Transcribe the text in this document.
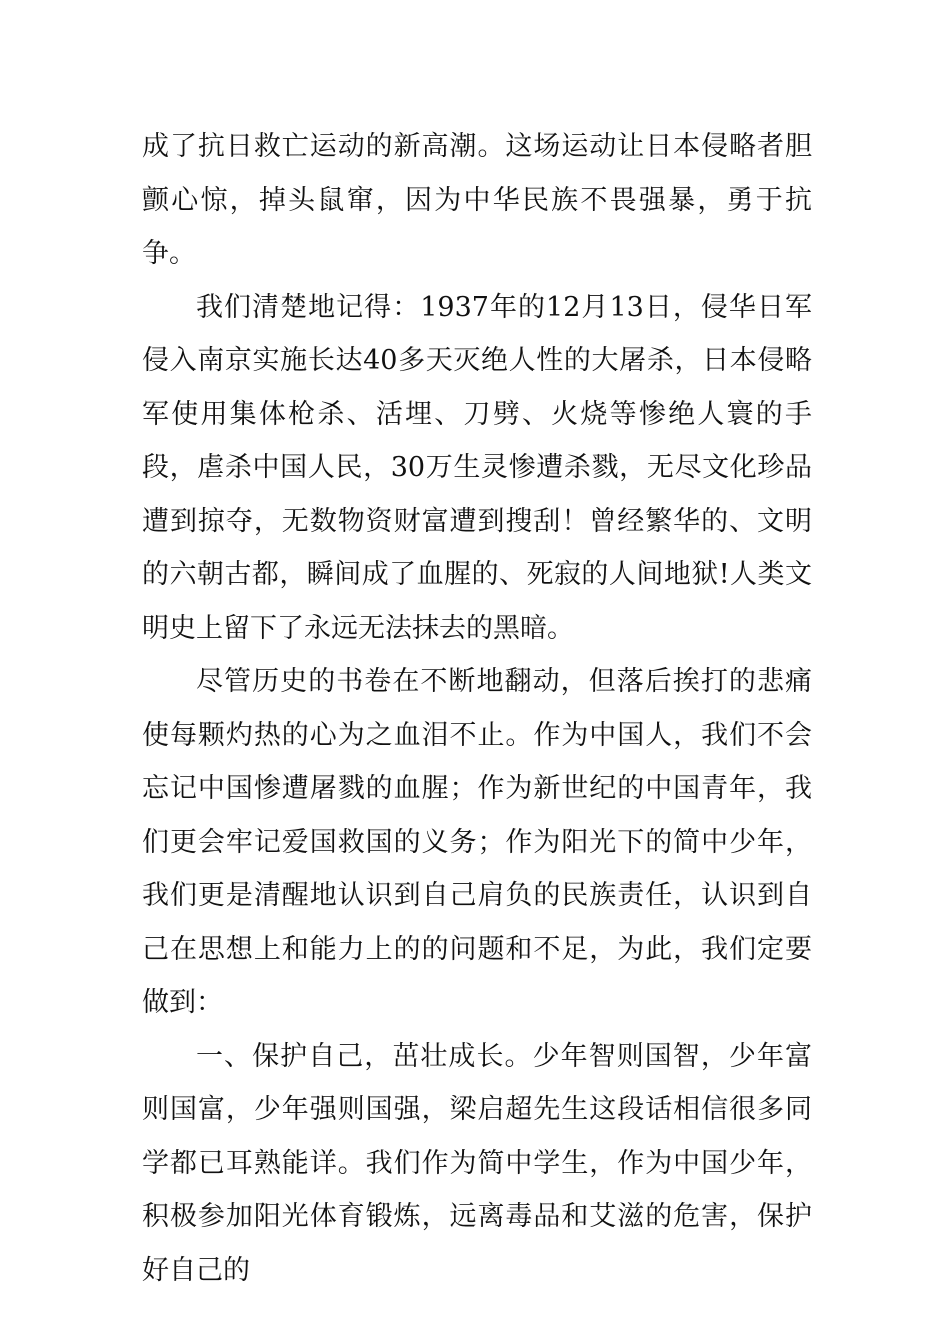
成了抗日救亡运动的新高潮。这场运动让日本侵略者胆颤心惊，掉头鼠窜，因为中华民族不畏强暴，勇于抗争。

我们清楚地记得：1937年的12月13日，侵华日军侵入南京实施长达40多天灭绝人性的大屠杀，日本侵略军使用集体枪杀、活埋、刀劈、火烧等惨绝人寰的手段，虐杀中国人民，30万生灵惨遭杀戮，无尽文化珍品遭到掠夺，无数物资财富遭到搜刮！曾经繁华的、文明的六朝古都，瞬间成了血腥的、死寂的人间地狱!人类文明史上留下了永远无法抹去的黑暗。

尽管历史的书卷在不断地翻动，但落后挨打的悲痛使每颗灼热的心为之血泪不止。作为中国人，我们不会忘记中国惨遭屠戮的血腥；作为新世纪的中国青年，我们更会牢记爱国救国的义务；作为阳光下的简中少年，我们更是清醒地认识到自己肩负的民族责任，认识到自己在思想上和能力上的的问题和不足，为此，我们定要做到：

一、保护自己，茁壮成长。少年智则国智，少年富则国富，少年强则国强，梁启超先生这段话相信很多同学都已耳熟能详。我们作为简中学生，作为中国少年，积极参加阳光体育锻炼，远离毒品和艾滋的危害，保护好自己的
